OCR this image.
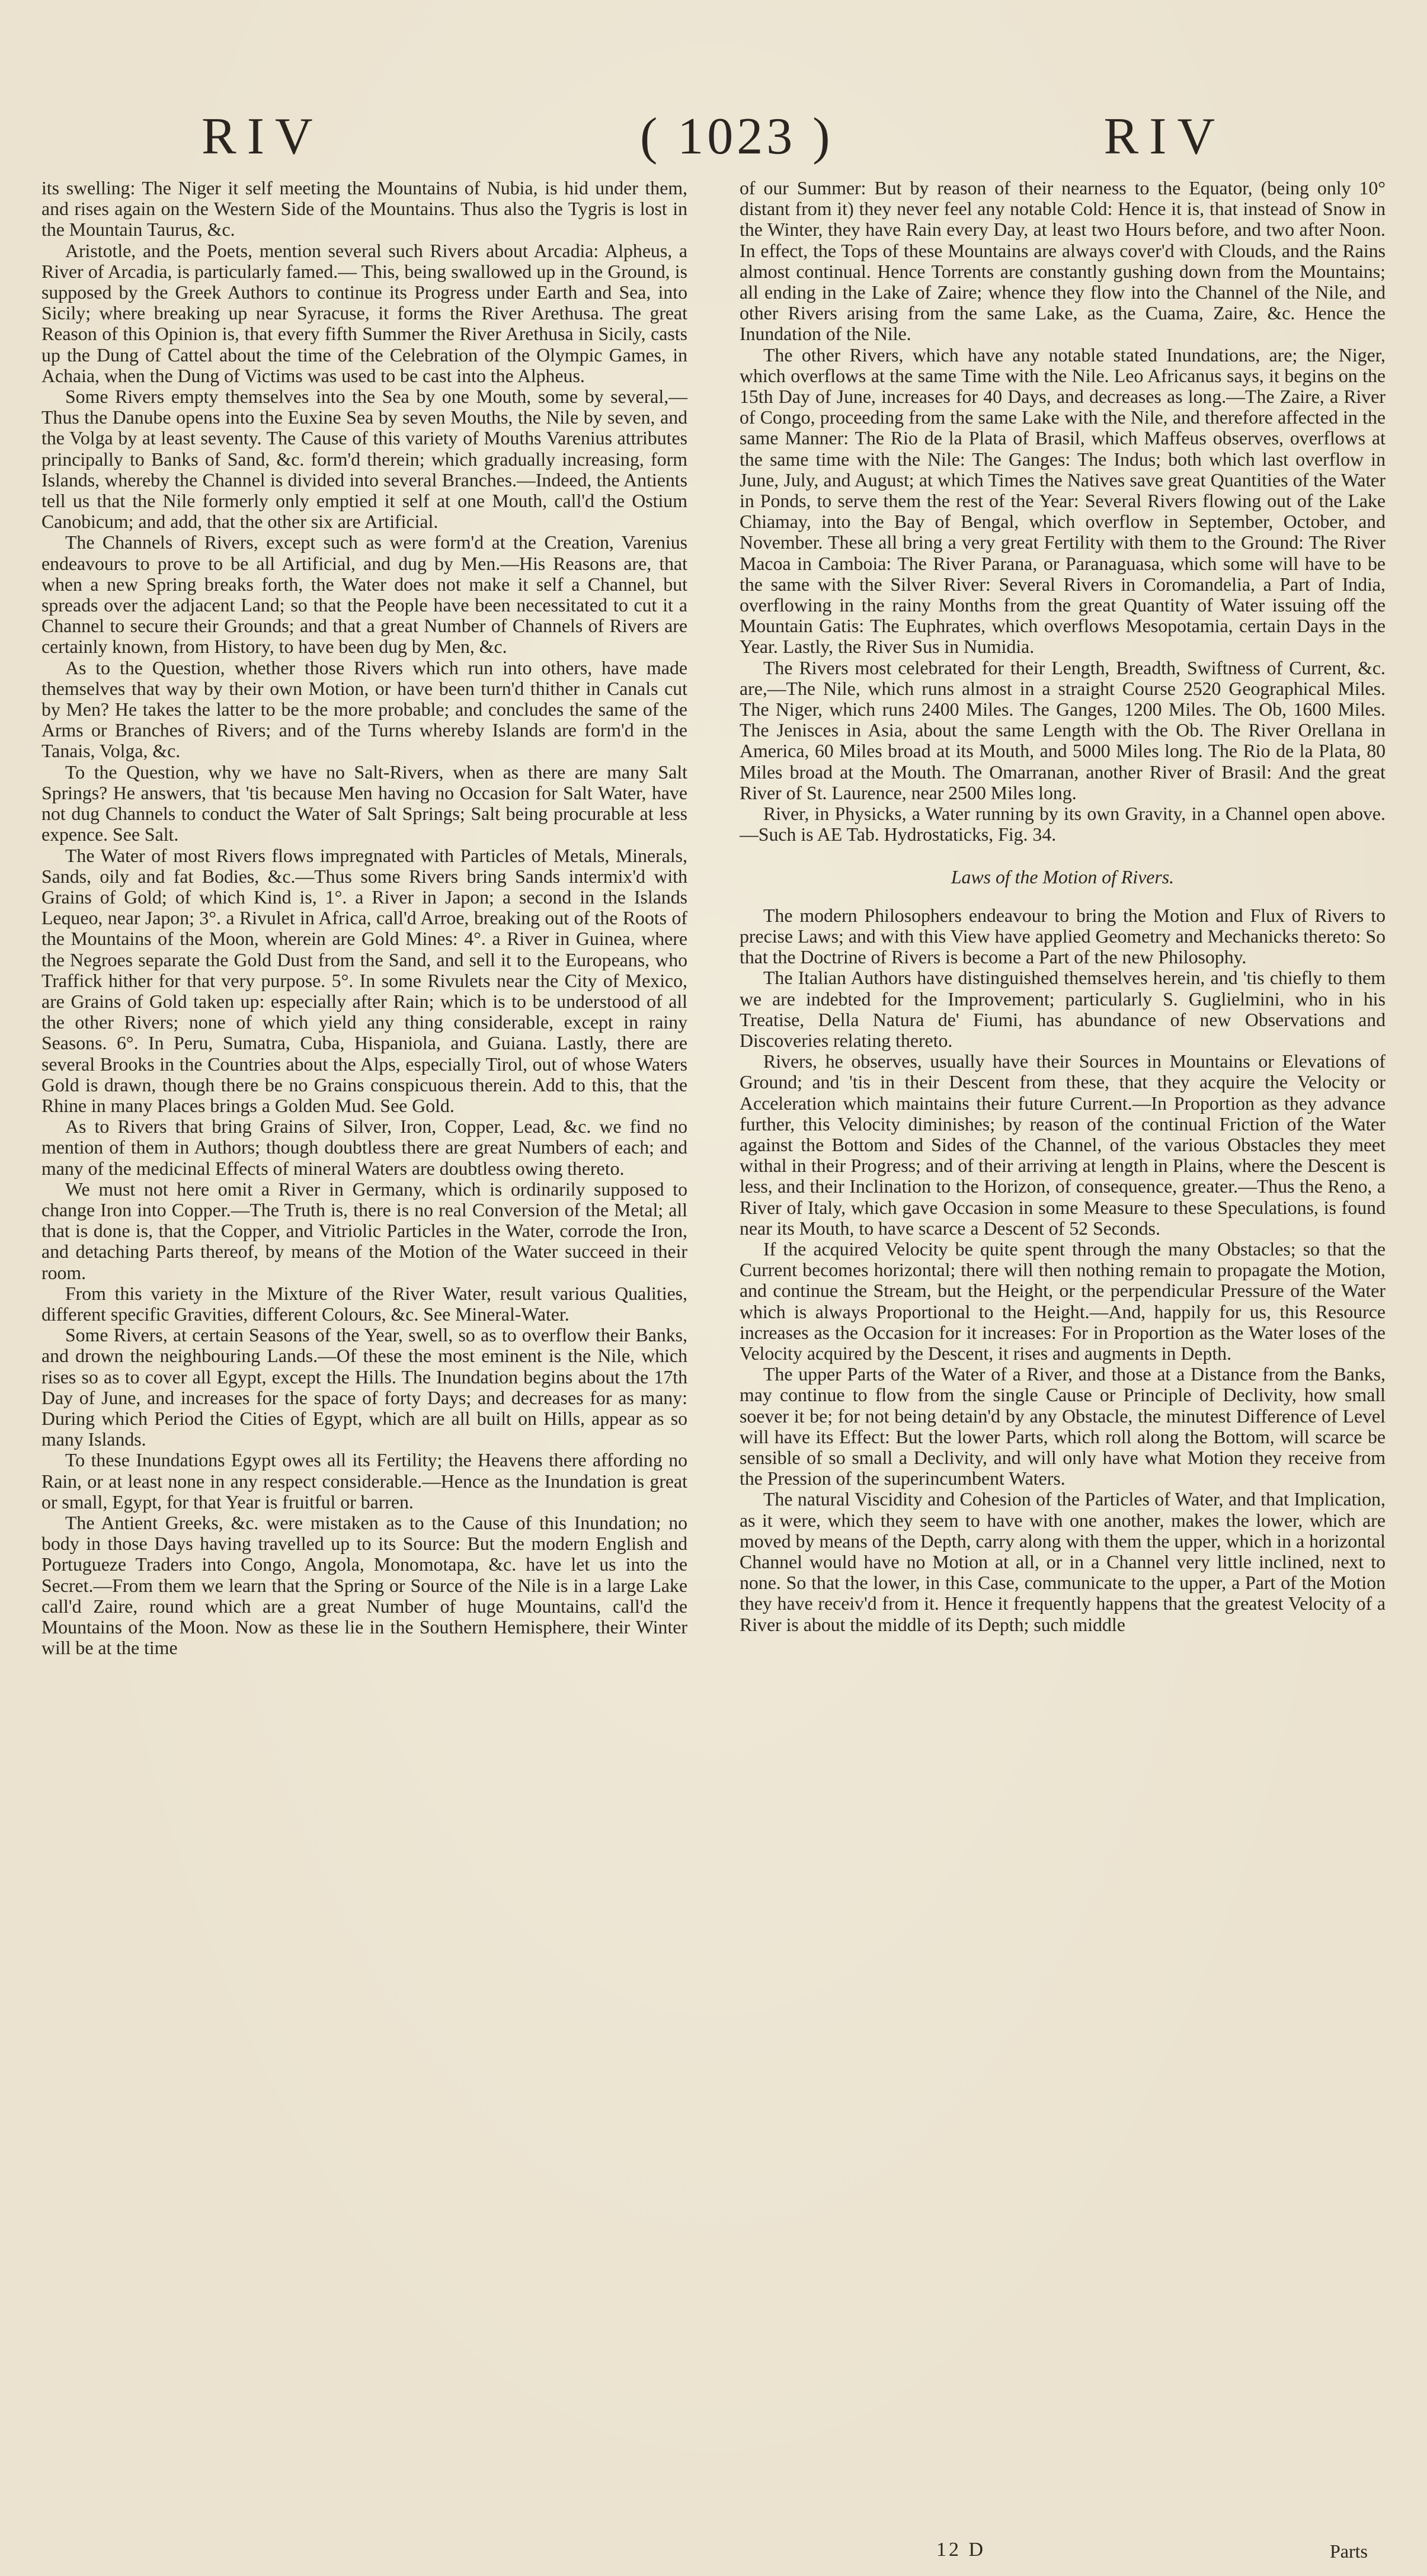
RIV	( 1023 )	RIV

its swelling: The Niger it self meeting the Mountains of Nubia, is hid under them, and rises again on the Western Side of the Mountains. Thus also the Tygris is lost in the Mountain Taurus, &c.

Aristotle, and the Poets, mention several such Rivers about Arcadia: Alpheus, a River of Arcadia, is particularly famed.— This, being swallowed up in the Ground, is supposed by the Greek Authors to continue its Progress under Earth and Sea, into Sicily; where breaking up near Syracuse, it forms the River Arethusa. The great Reason of this Opinion is, that every fifth Summer the River Arethusa in Sicily, casts up the Dung of Cattel about the time of the Celebration of the Olympic Games, in Achaia, when the Dung of Victims was used to be cast into the Alpheus.

Some Rivers empty themselves into the Sea by one Mouth, some by several,—Thus the Danube opens into the Euxine Sea by seven Mouths, the Nile by seven, and the Volga by at least seventy. The Cause of this variety of Mouths Varenius attributes principally to Banks of Sand, &c. form'd therein; which gradually increasing, form Islands, whereby the Channel is divided into several Branches.—Indeed, the Antients tell us that the Nile formerly only emptied it self at one Mouth, call'd the Ostium Canobicum; and add, that the other six are Artificial.

The Channels of Rivers, except such as were form'd at the Creation, Varenius endeavours to prove to be all Artificial, and dug by Men.—His Reasons are, that when a new Spring breaks forth, the Water does not make it self a Channel, but spreads over the adjacent Land; so that the People have been necessitated to cut it a Channel to secure their Grounds; and that a great Number of Channels of Rivers are certainly known, from History, to have been dug by Men, &c.

As to the Question, whether those Rivers which run into others, have made themselves that way by their own Motion, or have been turn'd thither in Canals cut by Men? He takes the latter to be the more probable; and concludes the same of the Arms or Branches of Rivers; and of the Turns whereby Islands are form'd in the Tanais, Volga, &c.

To the Question, why we have no Salt-Rivers, when as there are many Salt Springs? He answers, that 'tis because Men having no Occasion for Salt Water, have not dug Channels to conduct the Water of Salt Springs; Salt being procurable at less expence. See Salt.

The Water of most Rivers flows impregnated with Particles of Metals, Minerals, Sands, oily and fat Bodies, &c.—Thus some Rivers bring Sands intermix'd with Grains of Gold; of which Kind is, 1°. a River in Japon; a second in the Islands Lequeo, near Japon; 3°. a Rivulet in Africa, call'd Arroe, breaking out of the Roots of the Mountains of the Moon, wherein are Gold Mines: 4°. a River in Guinea, where the Negroes separate the Gold Dust from the Sand, and sell it to the Europeans, who Traffick hither for that very purpose. 5°. In some Rivulets near the City of Mexico, are Grains of Gold taken up: especially after Rain; which is to be understood of all the other Rivers; none of which yield any thing considerable, except in rainy Seasons. 6°. In Peru, Sumatra, Cuba, Hispaniola, and Guiana. Lastly, there are several Brooks in the Countries about the Alps, especially Tirol, out of whose Waters Gold is drawn, though there be no Grains conspicuous therein. Add to this, that the Rhine in many Places brings a Golden Mud. See Gold.

As to Rivers that bring Grains of Silver, Iron, Copper, Lead, &c. we find no mention of them in Authors; though doubtless there are great Numbers of each; and many of the medicinal Effects of mineral Waters are doubtless owing thereto.

We must not here omit a River in Germany, which is ordinarily supposed to change Iron into Copper.—The Truth is, there is no real Conversion of the Metal; all that is done is, that the Copper, and Vitriolic Particles in the Water, corrode the Iron, and detaching Parts thereof, by means of the Motion of the Water succeed in their room.

From this variety in the Mixture of the River Water, result various Qualities, different specific Gravities, different Colours, &c. See Mineral-Water.

Some Rivers, at certain Seasons of the Year, swell, so as to overflow their Banks, and drown the neighbouring Lands.—Of these the most eminent is the Nile, which rises so as to cover all Egypt, except the Hills. The Inundation begins about the 17th Day of June, and increases for the space of forty Days; and decreases for as many: During which Period the Cities of Egypt, which are all built on Hills, appear as so many Islands.

To these Inundations Egypt owes all its Fertility; the Heavens there affording no Rain, or at least none in any respect considerable.—Hence as the Inundation is great or small, Egypt, for that Year is fruitful or barren.

The Antient Greeks, &c. were mistaken as to the Cause of this Inundation; no body in those Days having travelled up to its Source: But the modern English and Portugueze Traders into Congo, Angola, Monomotapa, &c. have let us into the Secret.—From them we learn that the Spring or Source of the Nile is in a large Lake call'd Zaire, round which are a great Number of huge Mountains, call'd the Mountains of the Moon. Now as these lie in the Southern Hemisphere, their Winter will be at the time

of our Summer: But by reason of their nearness to the Equator, (being only 10° distant from it) they never feel any notable Cold: Hence it is, that instead of Snow in the Winter, they have Rain every Day, at least two Hours before, and two after Noon. In effect, the Tops of these Mountains are always cover'd with Clouds, and the Rains almost continual. Hence Torrents are constantly gushing down from the Mountains; all ending in the Lake of Zaire; whence they flow into the Channel of the Nile, and other Rivers arising from the same Lake, as the Cuama, Zaire, &c. Hence the Inundation of the Nile.

The other Rivers, which have any notable stated Inundations, are; the Niger, which overflows at the same Time with the Nile. Leo Africanus says, it begins on the 15th Day of June, increases for 40 Days, and decreases as long.—The Zaire, a River of Congo, proceeding from the same Lake with the Nile, and therefore affected in the same Manner: The Rio de la Plata of Brasil, which Maffeus observes, overflows at the same time with the Nile: The Ganges: The Indus; both which last overflow in June, July, and August; at which Times the Natives save great Quantities of the Water in Ponds, to serve them the rest of the Year: Several Rivers flowing out of the Lake Chiamay, into the Bay of Bengal, which overflow in September, October, and November. These all bring a very great Fertility with them to the Ground: The River Macoa in Camboia: The River Parana, or Paranaguasa, which some will have to be the same with the Silver River: Several Rivers in Coromandelia, a Part of India, overflowing in the rainy Months from the great Quantity of Water issuing off the Mountain Gatis: The Euphrates, which overflows Mesopotamia, certain Days in the Year. Lastly, the River Sus in Numidia.

The Rivers most celebrated for their Length, Breadth, Swiftness of Current, &c. are,—The Nile, which runs almost in a straight Course 2520 Geographical Miles. The Niger, which runs 2400 Miles. The Ganges, 1200 Miles. The Ob, 1600 Miles. The Jenisces in Asia, about the same Length with the Ob. The River Orellana in America, 60 Miles broad at its Mouth, and 5000 Miles long. The Rio de la Plata, 80 Miles broad at the Mouth. The Omarranan, another River of Brasil: And the great River of St. Laurence, near 2500 Miles long.

River, in Physicks, a Water running by its own Gravity, in a Channel open above.—Such is AE Tab. Hydrostaticks, Fig. 34.

Laws of the Motion of Rivers.

The modern Philosophers endeavour to bring the Motion and Flux of Rivers to precise Laws; and with this View have applied Geometry and Mechanicks thereto: So that the Doctrine of Rivers is become a Part of the new Philosophy.

The Italian Authors have distinguished themselves herein, and 'tis chiefly to them we are indebted for the Improvement; particularly S. Guglielmini, who in his Treatise, Della Natura de' Fiumi, has abundance of new Observations and Discoveries relating thereto.

Rivers, he observes, usually have their Sources in Mountains or Elevations of Ground; and 'tis in their Descent from these, that they acquire the Velocity or Acceleration which maintains their future Current.—In Proportion as they advance further, this Velocity diminishes; by reason of the continual Friction of the Water against the Bottom and Sides of the Channel, of the various Obstacles they meet withal in their Progress; and of their arriving at length in Plains, where the Descent is less, and their Inclination to the Horizon, of consequence, greater.—Thus the Reno, a River of Italy, which gave Occasion in some Measure to these Speculations, is found near its Mouth, to have scarce a Descent of 52 Seconds.

If the acquired Velocity be quite spent through the many Obstacles; so that the Current becomes horizontal; there will then nothing remain to propagate the Motion, and continue the Stream, but the Height, or the perpendicular Pressure of the Water which is always Proportional to the Height.—And, happily for us, this Resource increases as the Occasion for it increases: For in Proportion as the Water loses of the Velocity acquired by the Descent, it rises and augments in Depth.

The upper Parts of the Water of a River, and those at a Distance from the Banks, may continue to flow from the single Cause or Principle of Declivity, how small soever it be; for not being detain'd by any Obstacle, the minutest Difference of Level will have its Effect: But the lower Parts, which roll along the Bottom, will scarce be sensible of so small a Declivity, and will only have what Motion they receive from the Pression of the superincumbent Waters.

The natural Viscidity and Cohesion of the Particles of Water, and that Implication, as it were, which they seem to have with one another, makes the lower, which are moved by means of the Depth, carry along with them the upper, which in a horizontal Channel would have no Motion at all, or in a Channel very little inclined, next to none. So that the lower, in this Case, communicate to the upper, a Part of the Motion they have receiv'd from it. Hence it frequently happens that the greatest Velocity of a River is about the middle of its Depth; such middle

12 D	Parts
